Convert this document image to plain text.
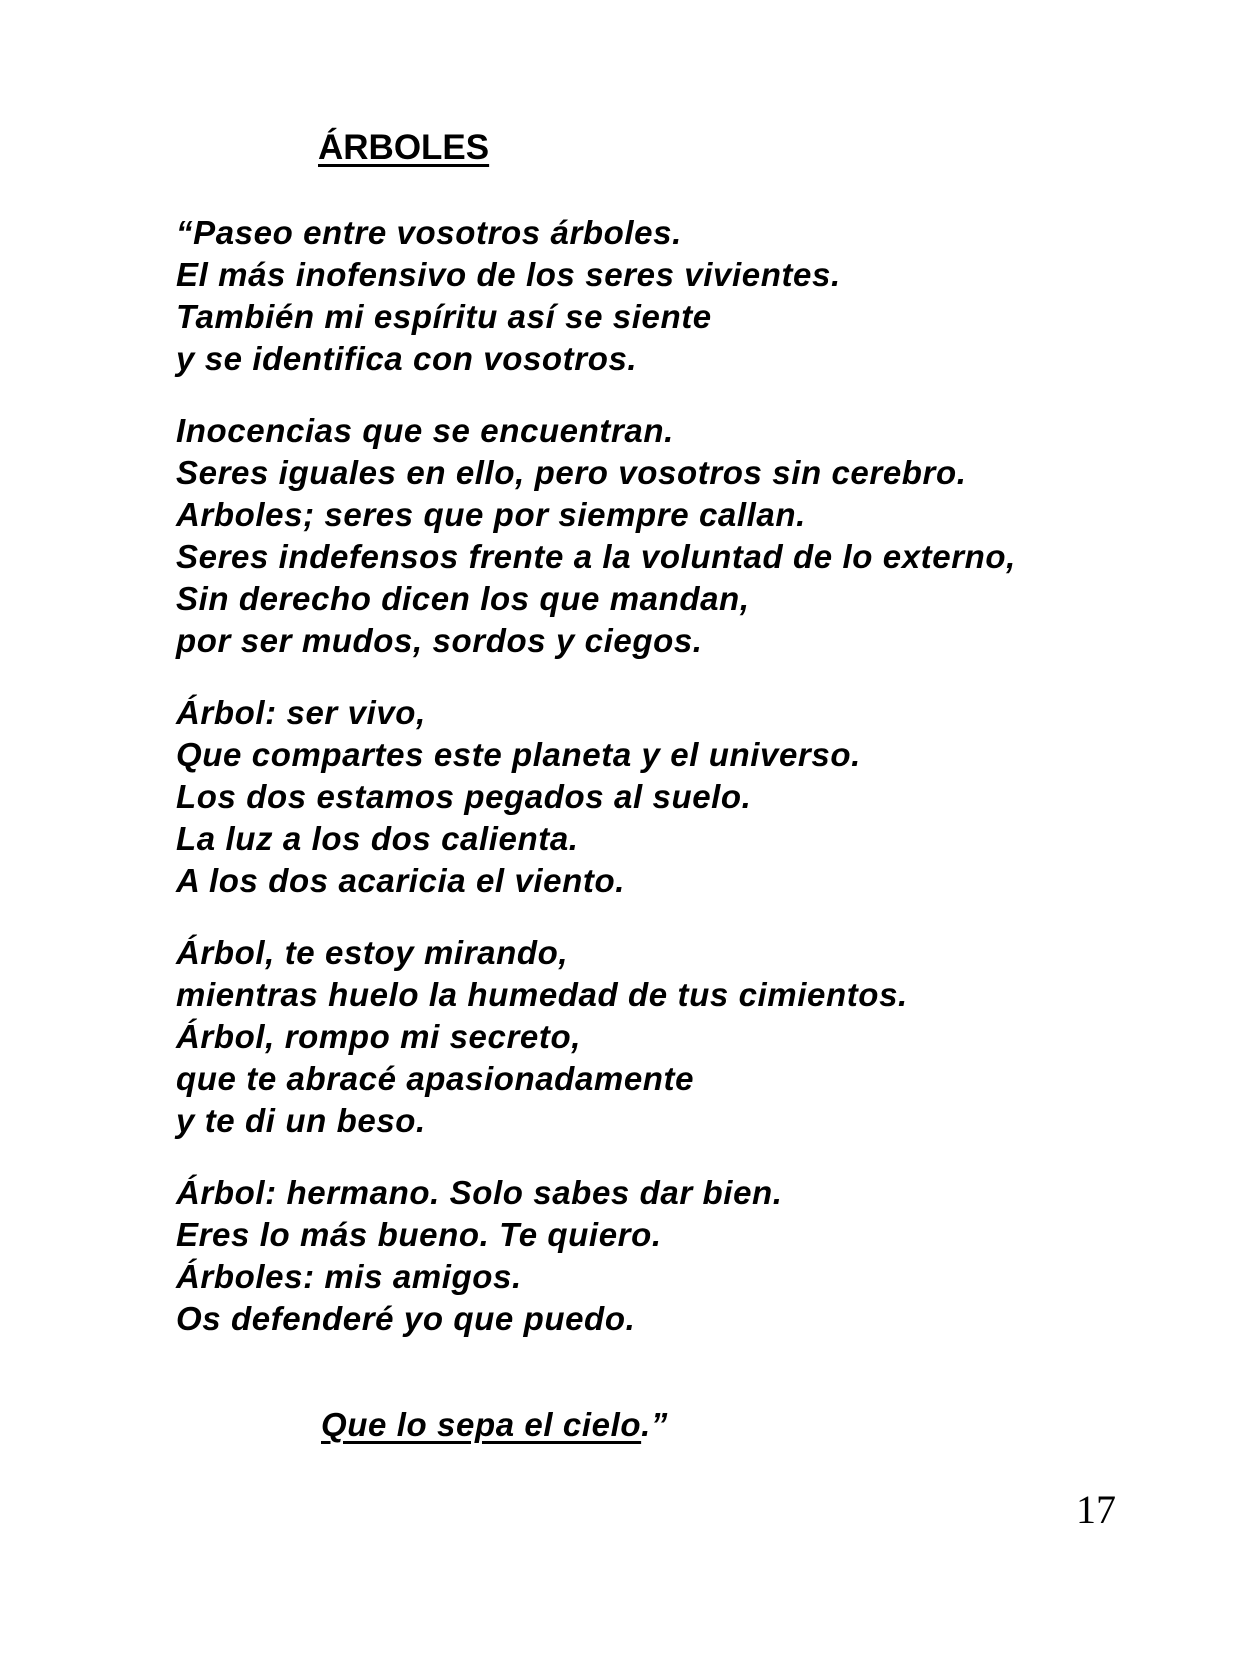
ÁRBOLES
“Paseo entre vosotros árboles.
El más inofensivo de los seres vivientes.
También mi espíritu así se siente
y se identifica con vosotros.
Inocencias que se encuentran.
Seres iguales en ello, pero vosotros sin cerebro.
Arboles; seres que por siempre callan.
Seres indefensos frente a la voluntad de lo externo,
Sin derecho dicen los que mandan,
por ser mudos, sordos y ciegos.
Árbol: ser vivo,
Que compartes este planeta y el universo.
Los dos estamos pegados al suelo.
La luz a los dos calienta.
A los dos acaricia el viento.
Árbol, te estoy mirando,
mientras huelo la humedad de tus cimientos.
Árbol, rompo mi secreto,
que te abracé apasionadamente
y te di un beso.
Árbol: hermano. Solo sabes dar bien.
Eres lo más bueno. Te quiero.
Árboles: mis amigos.
Os defenderé yo que puedo.
Que lo sepa el cielo.”
17
